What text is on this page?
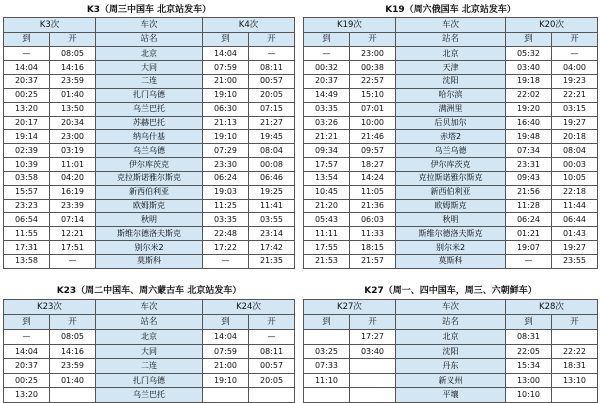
K3（周三中国车 北京站发车）				
K3次		车次	K4次	
到	开	站名	到	开
—	08:05	北京	14:04	—
14:04	14:16	大同	07:59	08:11
20:37	23:59	二连	21:00	00:57
00:25	01:40	扎门乌德	19:10	20:05
13:20	13:50	乌兰巴托	06:30	07:15
20:17	20:34	苏赫巴托	21:13	21:27
19:14	23:00	纳乌什基	19:10	19:45
02:39	03:19	乌兰乌德	07:29	08:04
10:39	11:01	伊尔库茨克	23:30	00:08
03:58	04:20	克拉斯诺雅尔斯克	06:24	06:46
15:57	16:19	新西伯利亚	19:03	19:25
23:23	23:39	欧姆斯克	11:25	11:41
06:54	07:14	秋明	03:35	03:55
11:55	12:21	斯维尔德洛夫斯克	22:48	23:14
17:31	17:51	别尔米2	17:22	17:42
13:58	—	莫斯科	—	21:35
K19（周六俄国车 北京站发车）				
K19次		车次	K20次	
到	开	站名	到	开
—	23:00	北京	05:32	—
00:32	00:38	天津	03:40	04:00
20:37	22:57	沈阳	19:18	19:23
14:49	15:10	哈尔滨	22:02	22:21
03:35	07:01	满洲里	19:20	03:15
03:26	10:00	后贝加尔	16:40	19:27
21:21	21:46	赤塔2	19:48	20:18
09:34	09:57	乌兰乌德	07:34	08:04
17:57	18:27	伊尔库茨克	23:31	00:03
13:54	14:24	克拉斯诺雅尔斯克	09:43	10:05
10:45	11:05	新西伯利亚	21:56	22:18
21:20	21:36	欧姆斯克	11:28	11:44
05:43	06:03	秋明	06:24	06:44
11:11	11:33	斯维尔德洛夫斯克	01:21	01:43
17:55	18:15	别尔米2	19:07	19:27
21:53	21:57	莫斯科	—	23:55
K23（周二中国车、周六蒙古车 北京站发车）				
K23次		车次	K24次	
到	开	站名	到	开
—	08:05	北京	14:04	—
14:04	14:16	大同	07:59	08:11
20:37	23:59	二连	21:00	00:57
00:25	01:40	扎门乌德	19:10	20:05
13:20		乌兰巴托		
K27（周一、四中国车，周三、六朝鲜车）				
K27次		车次	K28次	
到	开	站名	到	开
	17:27	北京	08:31	
03:25	03:40	沈阳	22:05	22:22
07:33		丹东	15:34	18:31
11:10		新义州	13:00	13:10
		平壤	10:10	
